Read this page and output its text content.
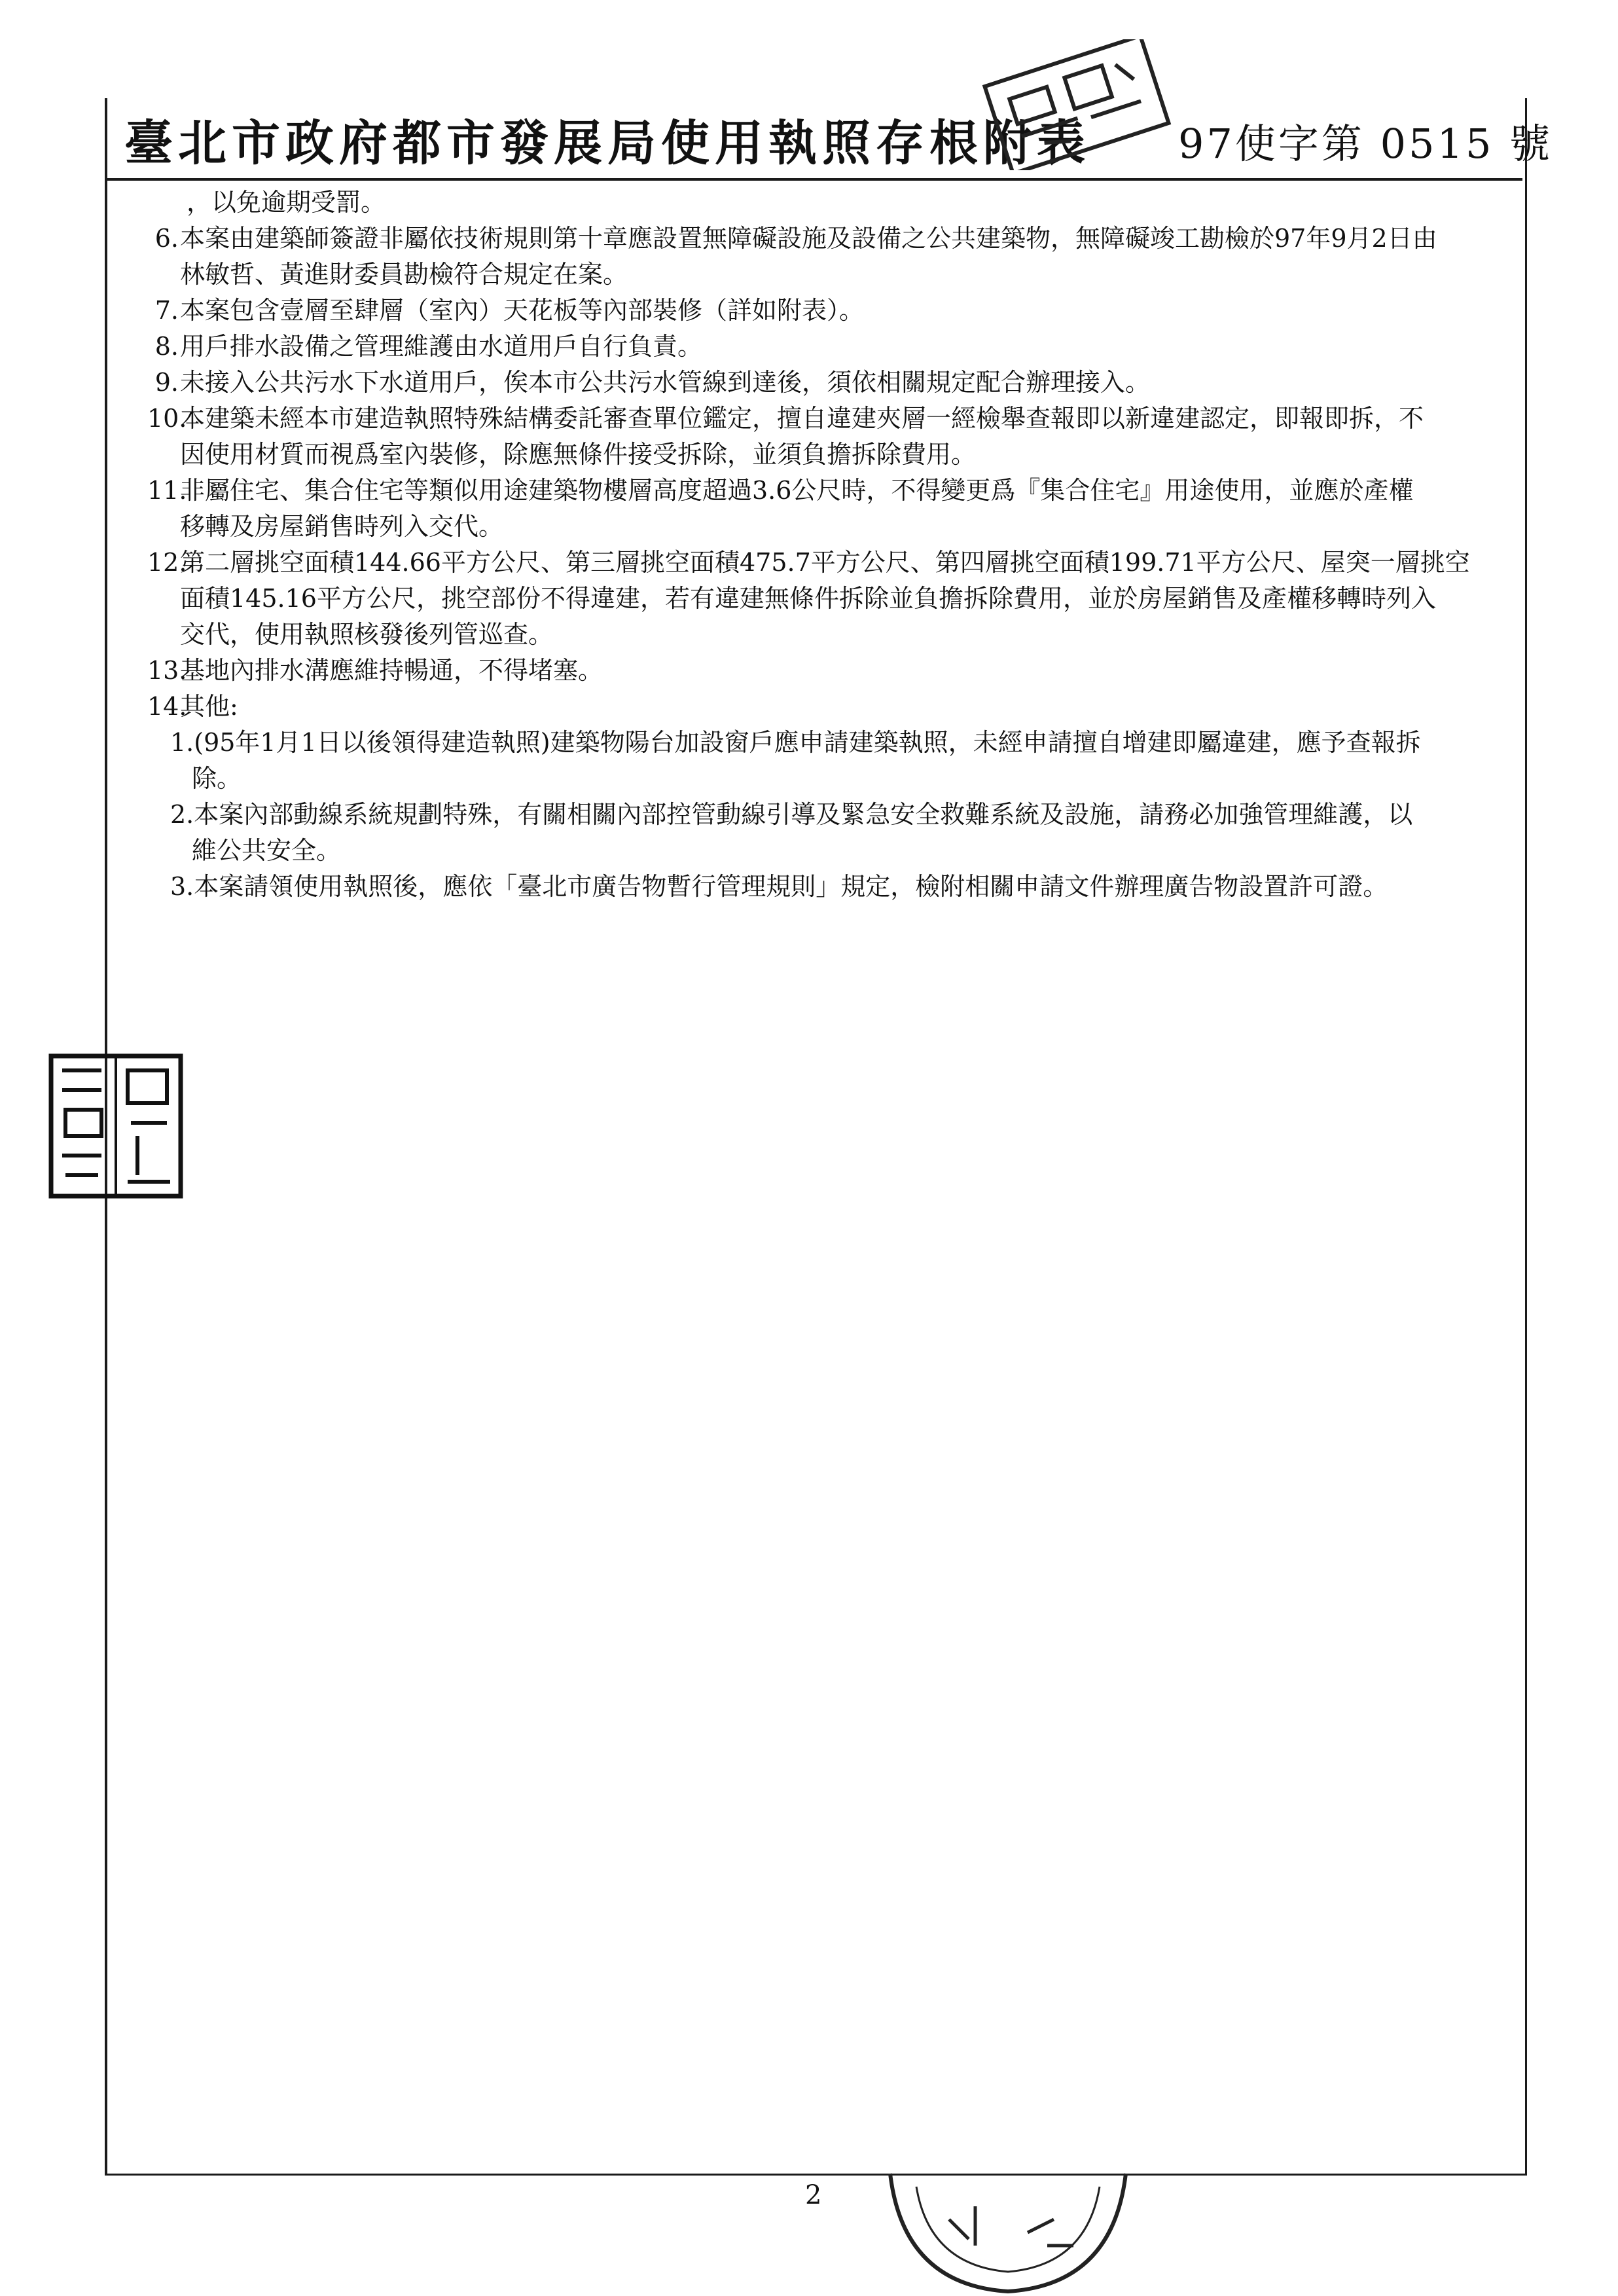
臺北市政府都市發展局使用執照存根附表 97使字第 0515 號
，以免逾期受罰。
6. 本案由建築師簽證非屬依技術規則第十章應設置無障礙設施及設備之公共建築物，無障礙竣工勘檢於97年9月2日由
林敏哲、黃進財委員勘檢符合規定在案。
7. 本案包含壹層至肆層（室內）天花板等內部裝修（詳如附表）。
8. 用戶排水設備之管理維護由水道用戶自行負責。
9. 未接入公共污水下水道用戶，俟本市公共污水管線到達後，須依相關規定配合辦理接入。
10.
本建築未經本市建造執照特殊結構委託審查單位鑑定，擅自違建夾層一經檢舉查報即以新違建認定，即報即拆，不
因使用材質而視爲室內裝修，除應無條件接受拆除，並須負擔拆除費用。
11.
非屬住宅、集合住宅等類似用途建築物樓層高度超過3.6公尺時，不得變更爲『集合住宅』用途使用，並應於產權
移轉及房屋銷售時列入交代。
12.
第二層挑空面積144.66平方公尺、第三層挑空面積475.7平方公尺、第四層挑空面積199.71平方公尺、屋突一層挑空
面積145.16平方公尺，挑空部份不得違建，若有違建無條件拆除並負擔拆除費用，並於房屋銷售及產權移轉時列入
交代，使用執照核發後列管巡查。
13.
基地內排水溝應維持暢通，不得堵塞。
14.
其他:
1.(95年1月1日以後領得建造執照)建築物陽台加設窗戶應申請建築執照，未經申請擅自增建即屬違建，應予查報拆
除。
2.本案內部動線系統規劃特殊，有關相關內部控管動線引導及緊急安全救難系統及設施，請務必加強管理維護，以
維公共安全。
3.本案請領使用執照後，應依「臺北市廣告物暫行管理規則」規定，檢附相關申請文件辦理廣告物設置許可證。
2
